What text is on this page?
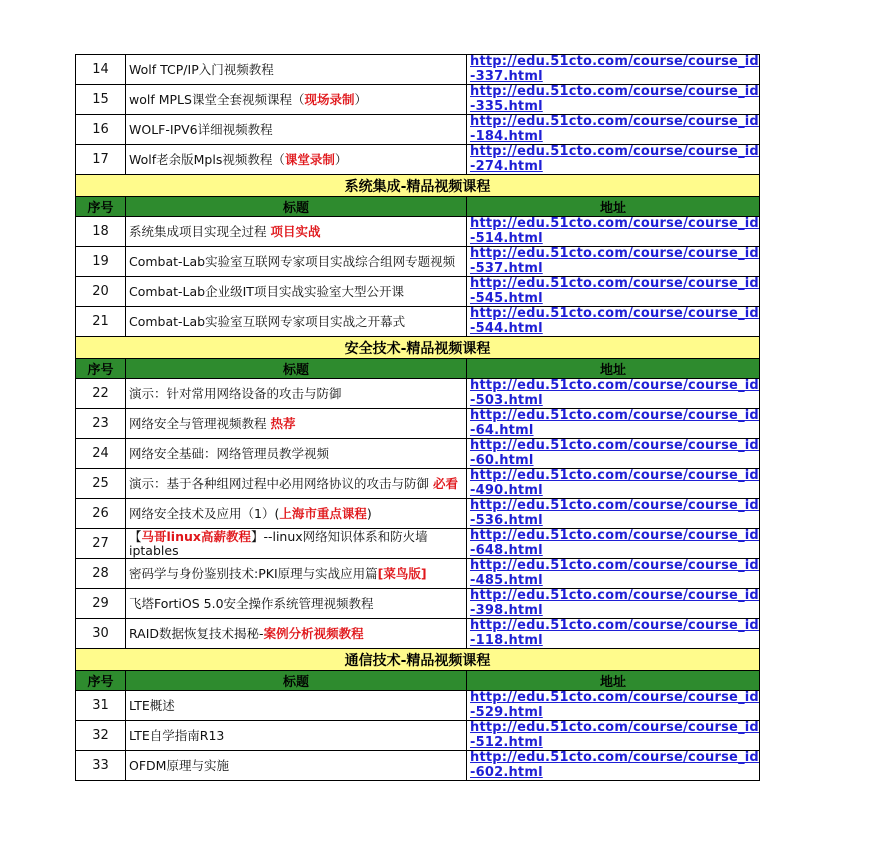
14	Wolf TCP/IP入门视频教程	http://edu.51cto.com/course/course_id-337.html

15	wolf MPLS课堂全套视频课程（现场录制）	http://edu.51cto.com/course/course_id-335.html

16	WOLF-IPV6详细视频教程	http://edu.51cto.com/course/course_id-184.html

17	Wolf老余版Mpls视频教程（课堂录制）	http://edu.51cto.com/course/course_id-274.html

系统集成-精品视频课程		
序号	标题	地址
18	系统集成项目实现全过程 项目实战	http://edu.51cto.com/course/course_id-514.html

19	Combat-Lab实验室互联网专家项目实战综合组网专题视频	http://edu.51cto.com/course/course_id-537.html

20	Combat-Lab企业级IT项目实战实验室大型公开课	http://edu.51cto.com/course/course_id-545.html

21	Combat-Lab实验室互联网专家项目实战之开幕式	http://edu.51cto.com/course/course_id-544.html

安全技术-精品视频课程		
序号	标题	地址
22	演示：针对常用网络设备的攻击与防御	http://edu.51cto.com/course/course_id-503.html

23	网络安全与管理视频教程 热荐	http://edu.51cto.com/course/course_id-64.html

24	网络安全基础：网络管理员教学视频	http://edu.51cto.com/course/course_id-60.html

25	演示：基于各种组网过程中必用网络协议的攻击与防御 必看	http://edu.51cto.com/course/course_id-490.html

26	网络安全技术及应用（1）(上海市重点课程)	http://edu.51cto.com/course/course_id-536.html

27	【马哥linux高薪教程】--linux网络知识体系和防火墙iptables	http://edu.51cto.com/course/course_id-648.html

28	密码学与身份鉴别技术:PKI原理与实战应用篇[菜鸟版]	http://edu.51cto.com/course/course_id-485.html

29	飞塔FortiOS 5.0安全操作系统管理视频教程	http://edu.51cto.com/course/course_id-398.html

30	RAID数据恢复技术揭秘-案例分析视频教程	http://edu.51cto.com/course/course_id-118.html

通信技术-精品视频课程		
序号	标题	地址
31	LTE概述	http://edu.51cto.com/course/course_id-529.html

32	LTE自学指南R13	http://edu.51cto.com/course/course_id-512.html

33	OFDM原理与实施	http://edu.51cto.com/course/course_id-602.html
